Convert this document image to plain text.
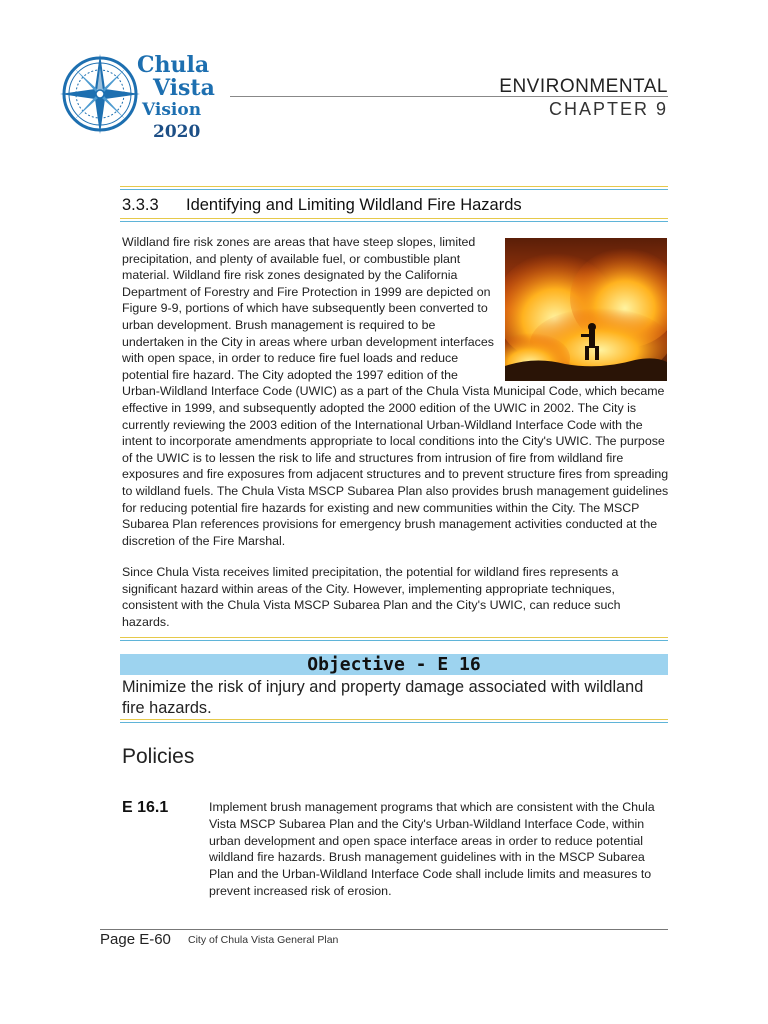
Chula
Vista
Vision
2020
ENVIRONMENTAL
CHAPTER 9
3.3.3 Identifying and Limiting Wildland Fire Hazards
Wildland fire risk zones are areas that have steep slopes, limited precipitation, and plenty of available fuel, or combustible plant material. Wildland fire risk zones designated by the California Department of Forestry and Fire Protection in 1999 are depicted on Figure 9-9, portions of which have subsequently been converted to urban development. Brush management is required to be undertaken in the City in areas where urban development interfaces with open space, in order to reduce fire fuel loads and reduce potential fire hazard. The City adopted the 1997 edition of the Urban-Wildland Interface Code (UWIC) as a part of the Chula Vista Municipal Code, which became effective in 1999, and subsequently adopted the 2000 edition of the UWIC in 2002. The City is currently reviewing the 2003 edition of the International Urban-Wildland Interface Code with the intent to incorporate amendments appropriate to local conditions into the City's UWIC. The purpose of the UWIC is to lessen the risk to life and structures from intrusion of fire from wildland fire exposures and fire exposures from adjacent structures and to prevent structure fires from spreading to wildland fuels. The Chula Vista MSCP Subarea Plan also provides brush management guidelines for reducing potential fire hazards for existing and new communities within the City. The MSCP Subarea Plan references provisions for emergency brush management activities conducted at the discretion of the Fire Marshal.
Since Chula Vista receives limited precipitation, the potential for wildland fires represents a significant hazard within areas of the City. However, implementing appropriate techniques, consistent with the Chula Vista MSCP Subarea Plan and the City's UWIC, can reduce such hazards.
Objective - E 16
Minimize the risk of injury and property damage associated with wildland fire hazards.
Policies
E 16.1	Implement brush management programs that which are consistent with the Chula Vista MSCP Subarea Plan and the City's Urban-Wildland Interface Code, within urban development and open space interface areas in order to reduce potential wildland fire hazards. Brush management guidelines with in the MSCP Subarea Plan and the Urban-Wildland Interface Code shall include limits and measures to prevent increased risk of erosion.
Page E-60 City of Chula Vista General Plan
